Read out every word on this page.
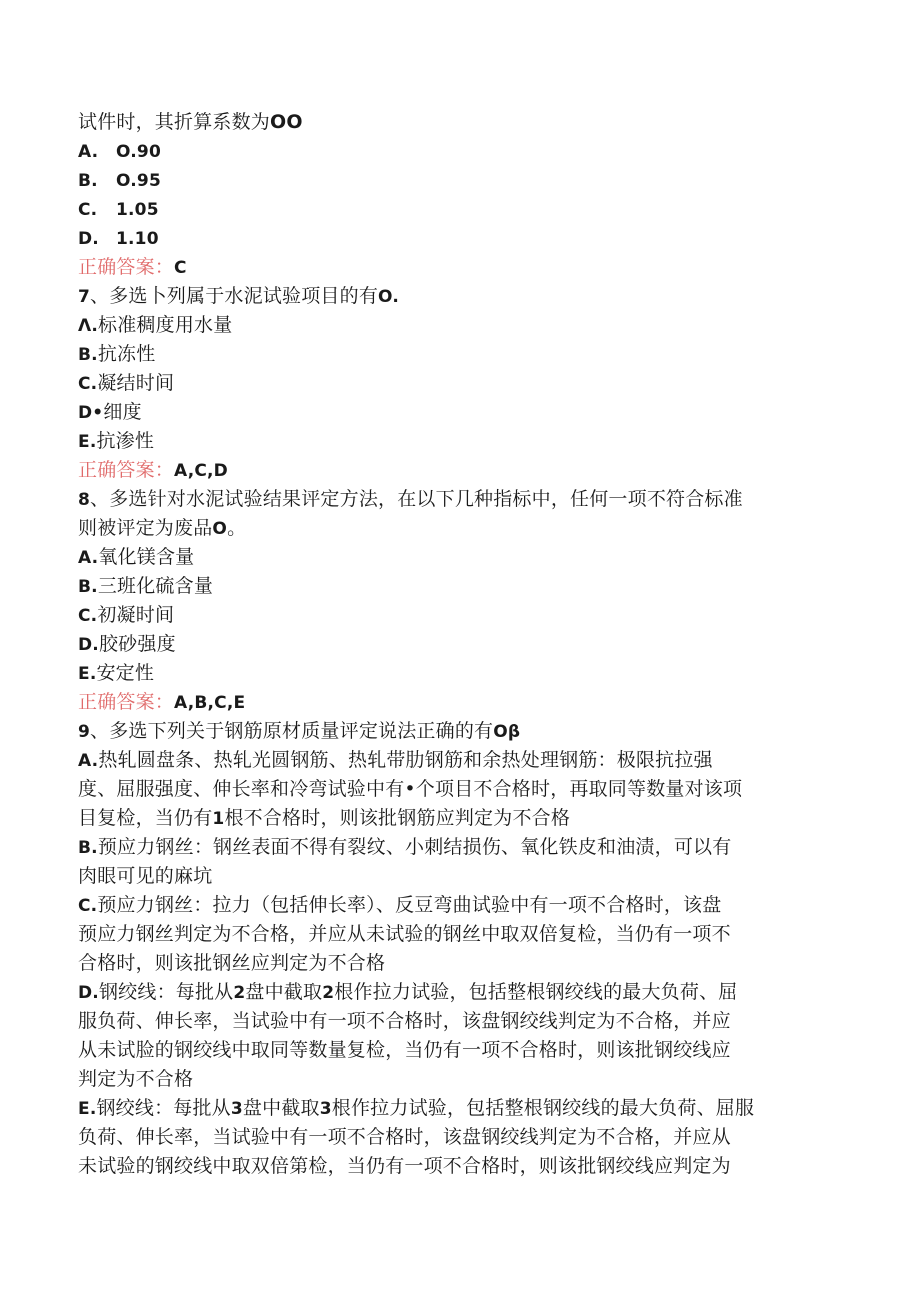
试件时，其折算系数为OO
A. O.90
B. O.95
C. 1.05
D. 1.10
正确答案：C
7、多选卜列属于水泥试验项目的有O.
Λ.标准稠度用水量
B.抗冻性
C.凝结时间
D•细度
E.抗渗性
正确答案：A,C,D
8、多选针对水泥试验结果评定方法，在以下几种指标中，任何一项不符合标准
则被评定为废品O。
A.氧化镁含量
B.三班化硫含量
C.初凝时间
D.胶砂强度
E.安定性
正确答案：A,B,C,E
9、多选下列关于钢筋原材质量评定说法正确的有Oβ
A.热轧圆盘条、热轧光圆钢筋、热轧带肋钢筋和余热处理钢筋：极限抗拉强
度、屈服强度、伸长率和冷弯试验中有•个项目不合格时，再取同等数量对该项
目复检，当仍有1根不合格时，则该批钢筋应判定为不合格
B.预应力钢丝：钢丝表面不得有裂纹、小刺结损伤、氧化铁皮和油渍，可以有
肉眼可见的麻坑
C.预应力钢丝：拉力（包括伸长率）、反豆弯曲试验中有一项不合格时，该盘
预应力钢丝判定为不合格，并应从未试验的钢丝中取双倍复检，当仍有一项不
合格时，则该批钢丝应判定为不合格
D.钢绞线：每批从2盘中截取2根作拉力试验，包括整根钢绞线的最大负荷、屈
服负荷、伸长率，当试验中有一项不合格时，该盘钢绞线判定为不合格，并应
从未试脸的钢绞线中取同等数量复检，当仍有一项不合格时，则该批钢绞线应
判定为不合格
E.钢绞线：每批从3盘中截取3根作拉力试验，包括整根钢绞线的最大负荷、屈服
负荷、伸长率，当试验中有一项不合格时，该盘钢绞线判定为不合格，并应从
未试验的钢绞线中取双倍第检，当仍有一项不合格时，则该批钢绞线应判定为
